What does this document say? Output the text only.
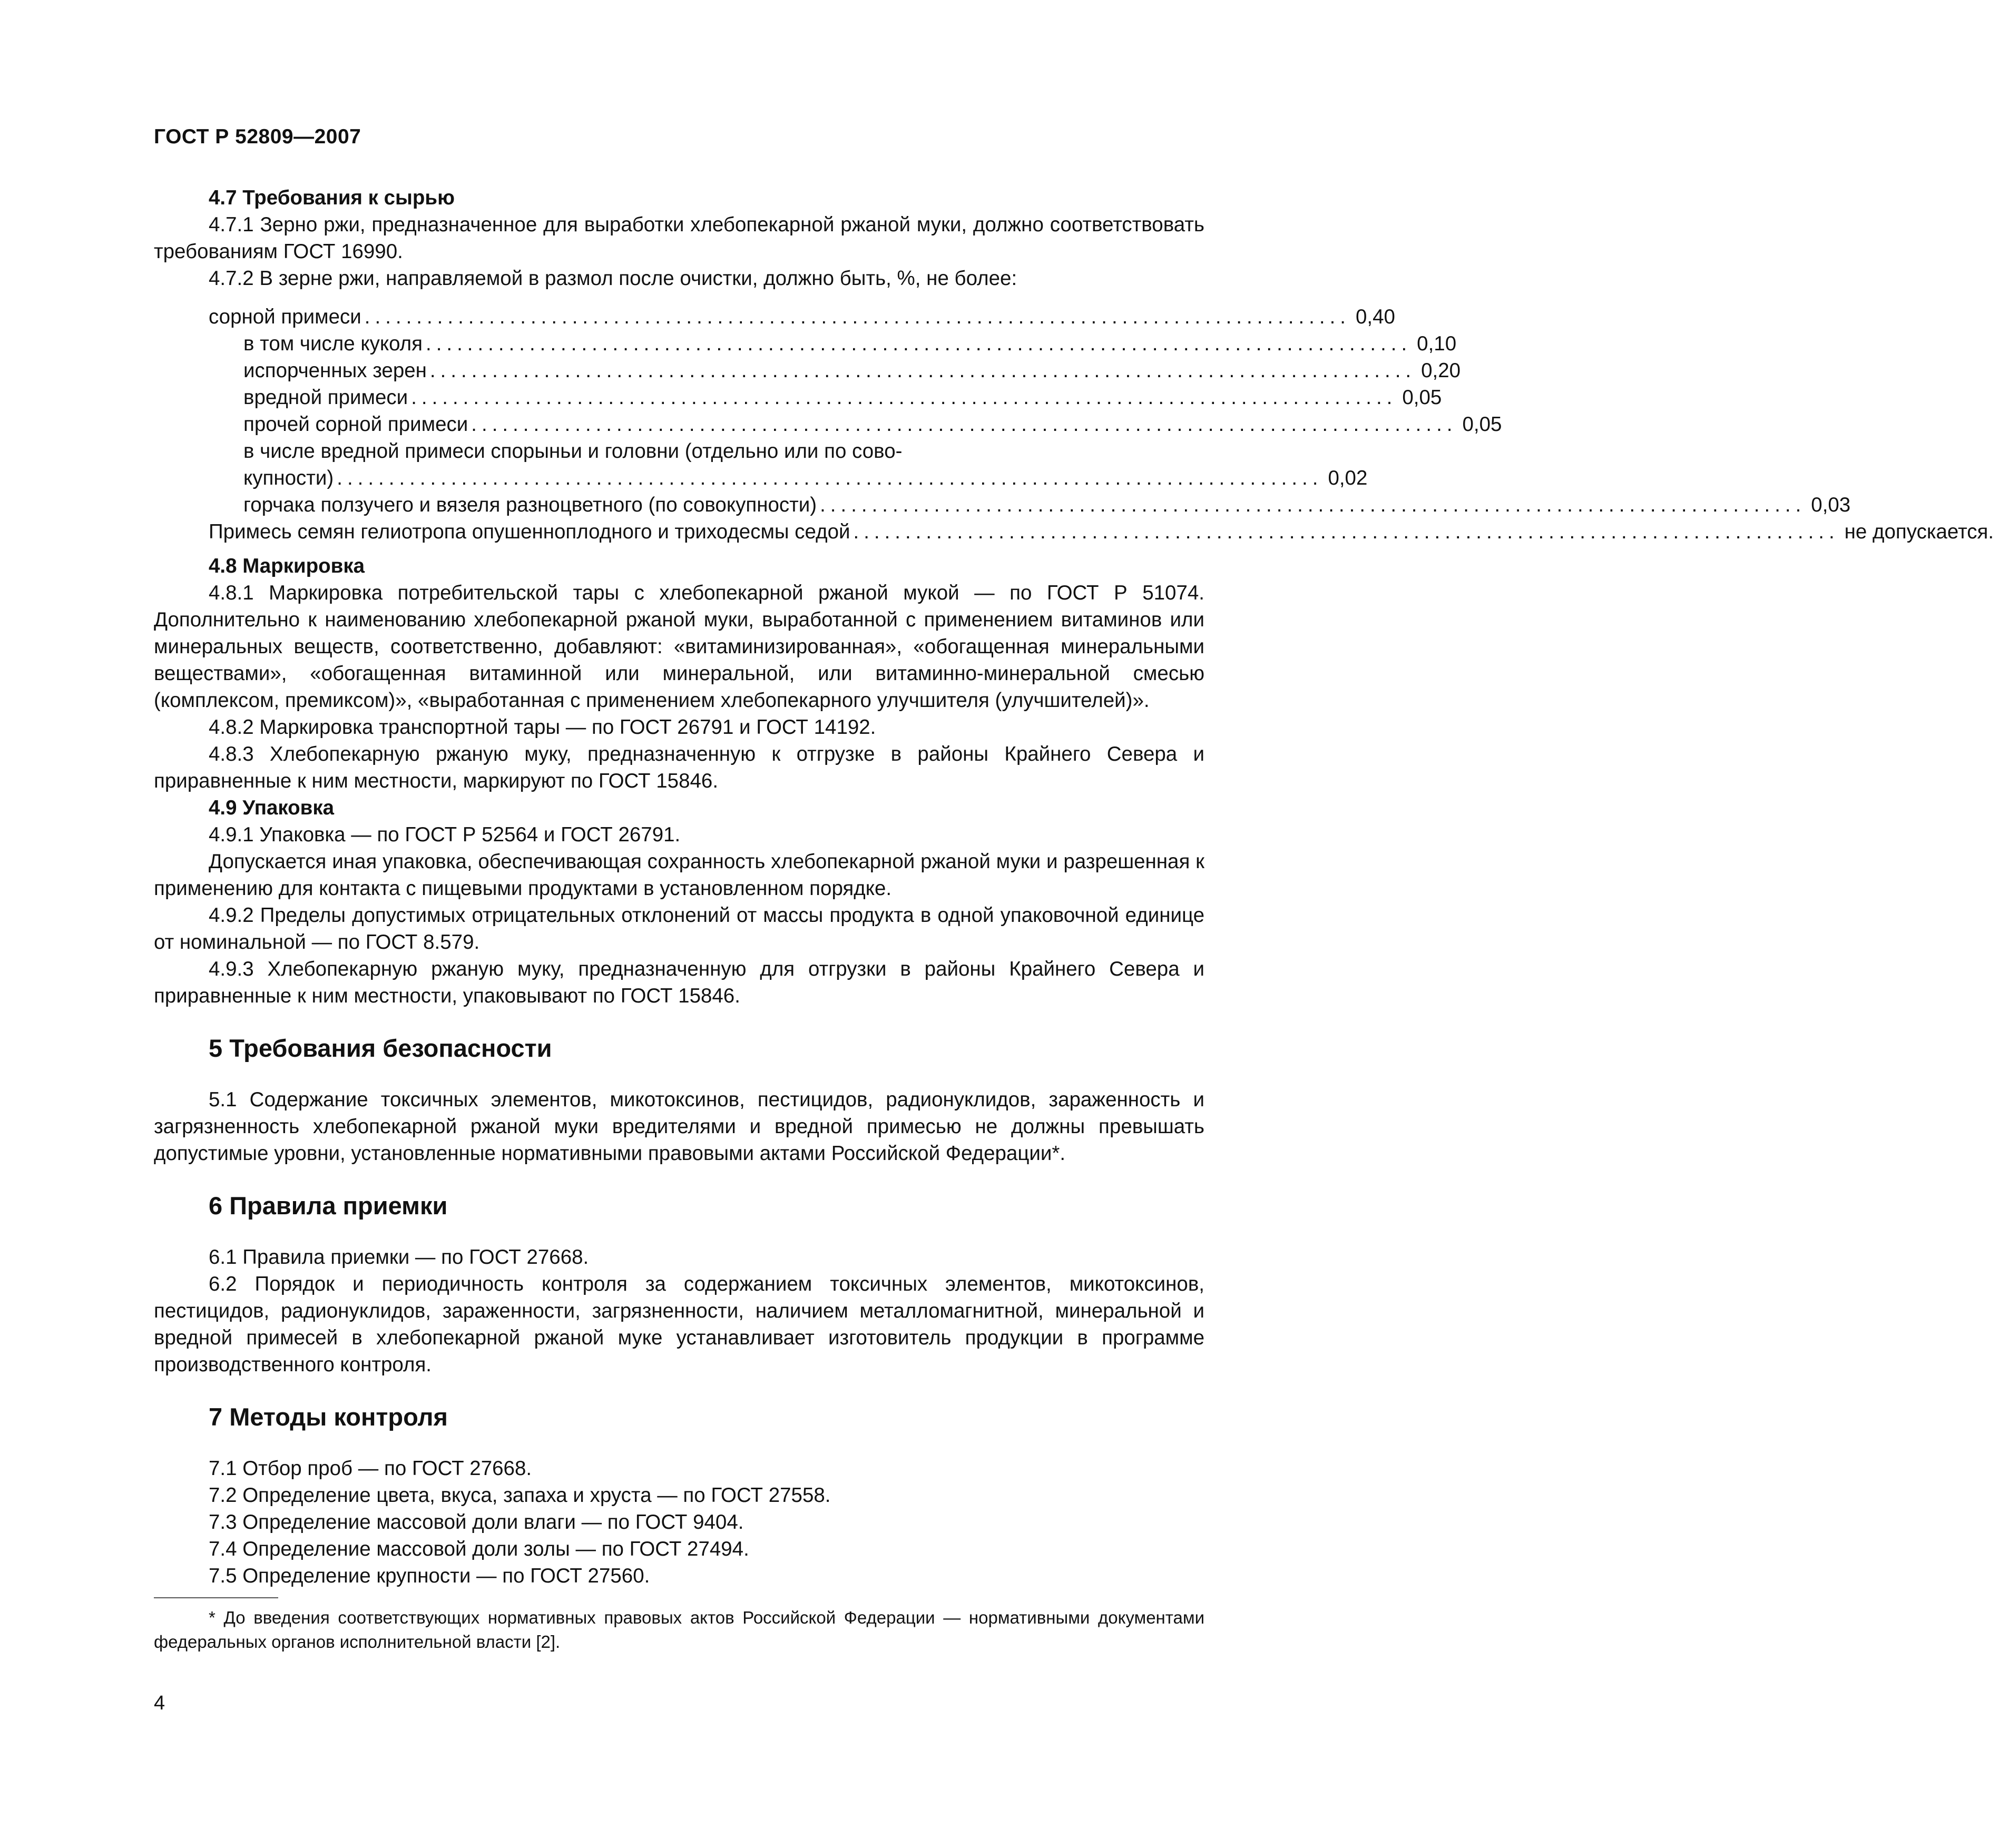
ГОСТ Р 52809—2007

4.7 Требования к сырью

4.7.1 Зерно ржи, предназначенное для выработки хлебопекарной ржаной муки, должно соответствовать требованиям ГОСТ 16990.

4.7.2 В зерне ржи, направляемой в размол после очистки, должно быть, %, не более:

сорной примеси ............................................................................................... 0,40
в том числе куколя ............................................................................................... 0,10
испорченных зерен ............................................................................................... 0,20
вредной примеси ............................................................................................... 0,05
прочей сорной примеси ............................................................................................... 0,05
в числе вредной примеси спорыньи и головни (отдельно или по сово-
купности) ............................................................................................... 0,02
горчака ползучего и вязеля разноцветного (по совокупности) ............................................................................................... 0,03
Примесь семян гелиотропа опушенноплодного и триходесмы седой ............................................................................................... не допускается.

4.8 Маркировка

4.8.1 Маркировка потребительской тары с хлебопекарной ржаной мукой — по ГОСТ Р 51074. Дополнительно к наименованию хлебопекарной ржаной муки, выработанной с применением витаминов или минеральных веществ, соответственно, добавляют: «витаминизированная», «обогащенная минеральными веществами», «обогащенная витаминной или минеральной, или витаминно-минеральной смесью (комплексом, премиксом)», «выработанная с применением хлебопекарного улучшителя (улучшителей)».

4.8.2 Маркировка транспортной тары — по ГОСТ 26791 и ГОСТ 14192.

4.8.3 Хлебопекарную ржаную муку, предназначенную к отгрузке в районы Крайнего Севера и приравненные к ним местности, маркируют по ГОСТ 15846.

4.9 Упаковка

4.9.1 Упаковка — по ГОСТ Р 52564 и ГОСТ 26791.

Допускается иная упаковка, обеспечивающая сохранность хлебопекарной ржаной муки и разрешенная к применению для контакта с пищевыми продуктами в установленном порядке.

4.9.2 Пределы допустимых отрицательных отклонений от массы продукта в одной упаковочной единице от номинальной — по ГОСТ 8.579.

4.9.3 Хлебопекарную ржаную муку, предназначенную для отгрузки в районы Крайнего Севера и приравненные к ним местности, упаковывают по ГОСТ 15846.

5 Требования безопасности

5.1 Содержание токсичных элементов, микотоксинов, пестицидов, радионуклидов, зараженность и загрязненность хлебопекарной ржаной муки вредителями и вредной примесью не должны превышать допустимые уровни, установленные нормативными правовыми актами Российской Федерации*.

6 Правила приемки

6.1 Правила приемки — по ГОСТ 27668.

6.2 Порядок и периодичность контроля за содержанием токсичных элементов, микотоксинов, пестицидов, радионуклидов, зараженности, загрязненности, наличием металломагнитной, минеральной и вредной примесей в хлебопекарной ржаной муке устанавливает изготовитель продукции в программе производственного контроля.

7 Методы контроля

7.1 Отбор проб — по ГОСТ 27668.

7.2 Определение цвета, вкуса, запаха и хруста — по ГОСТ 27558.

7.3 Определение массовой доли влаги — по ГОСТ 9404.

7.4 Определение массовой доли золы — по ГОСТ 27494.

7.5 Определение крупности — по ГОСТ 27560.

* До введения соответствующих нормативных правовых актов Российской Федерации — нормативными документами федеральных органов исполнительной власти [2].
4
